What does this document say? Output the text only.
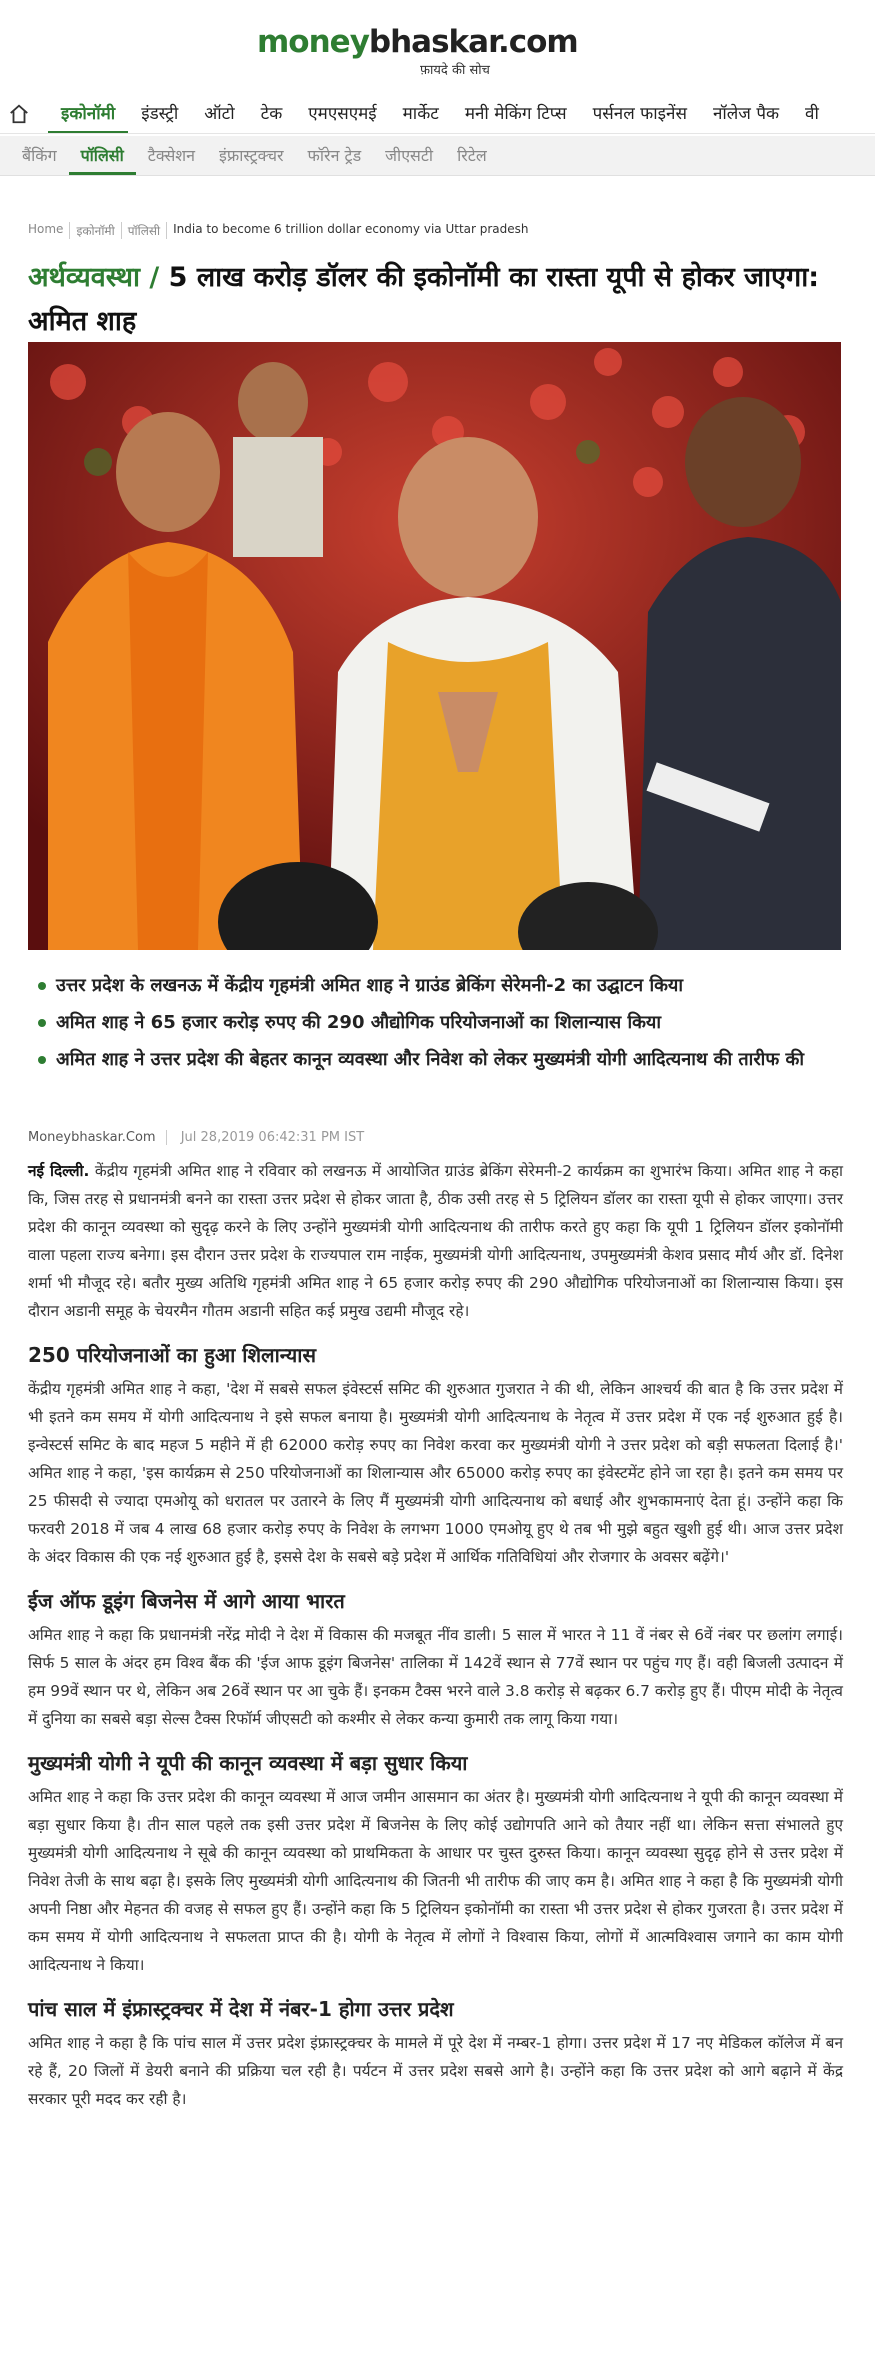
moneybhaskar.com
फ़ायदे की सोच
इकोनॉमी	इंडस्ट्री	ऑटो	टेक	एमएसएमई	मार्केट	मनी मेकिंग टिप्स	पर्सनल फाइनेंस	नॉलेज पैक	वी
बैंकिंग	पॉलिसी	टैक्सेशन	इंफ्रास्ट्रक्चर	फॉरेन ट्रेड	जीएसटी	रिटेल
Home	इकोनॉमी	पॉलिसी	India to become 6 trillion dollar economy via Uttar pradesh
अर्थव्यवस्था / 5 लाख करोड़ डॉलर की इकोनॉमी का रास्ता यूपी से होकर जाएगा: अमित शाह
उत्तर प्रदेश के लखनऊ में केंद्रीय गृहमंत्री अमित शाह ने ग्राउंड ब्रेकिंग सेरेमनी-2 का उद्घाटन किया
अमित शाह ने 65 हजार करोड़ रुपए की 290 औद्योगिक परियोजनाओं का शिलान्यास किया
अमित शाह ने उत्तर प्रदेश की बेहतर कानून व्यवस्था और निवेश को लेकर मुख्यमंत्री योगी आदित्यनाथ की तारीफ की
Moneybhaskar.Com Jul 28,2019 06:42:31 PM IST

नई दिल्ली. केंद्रीय गृहमंत्री अमित शाह ने रविवार को लखनऊ में आयोजित ग्राउंड ब्रेकिंग सेरेमनी-2 कार्यक्रम का शुभारंभ किया। अमित शाह ने कहा कि, जिस तरह से प्रधानमंत्री बनने का रास्ता उत्तर प्रदेश से होकर जाता है, ठीक उसी तरह से 5 ट्रिलियन डॉलर का रास्ता यूपी से होकर जाएगा। उत्तर प्रदेश की कानून व्यवस्था को सुदृढ़ करने के लिए उन्होंने मुख्यमंत्री योगी आदित्यनाथ की तारीफ करते हुए कहा कि यूपी 1 ट्रिलियन डॉलर इकोनॉमी वाला पहला राज्य बनेगा। इस दौरान उत्तर प्रदेश के राज्यपाल राम नाईक, मुख्यमंत्री योगी आदित्यनाथ, उपमुख्यमंत्री केशव प्रसाद मौर्य और डॉ. दिनेश शर्मा भी मौजूद रहे। बतौर मुख्य अतिथि गृहमंत्री अमित शाह ने 65 हजार करोड़ रुपए की 290 औद्योगिक परियोजनाओं का शिलान्यास किया। इस दौरान अडानी समूह के चेयरमैन गौतम अडानी सहित कई प्रमुख उद्यमी मौजूद रहे।

250 परियोजनाओं का हुआ शिलान्यास

केंद्रीय गृहमंत्री अमित शाह ने कहा, 'देश में सबसे सफल इंवेस्टर्स समिट की शुरुआत गुजरात ने की थी, लेकिन आश्चर्य की बात है कि उत्तर प्रदेश में भी इतने कम समय में योगी आदित्यनाथ ने इसे सफल बनाया है। मुख्यमंत्री योगी आदित्यनाथ के नेतृत्व में उत्तर प्रदेश में एक नई शुरुआत हुई है। इन्वेस्टर्स समिट के बाद महज 5 महीने में ही 62000 करोड़ रुपए का निवेश करवा कर मुख्यमंत्री योगी ने उत्तर प्रदेश को बड़ी सफलता दिलाई है।' अमित शाह ने कहा, 'इस कार्यक्रम से 250 परियोजनाओं का शिलान्यास और 65000 करोड़ रुपए का इंवेस्टमेंट होने जा रहा है। इतने कम समय पर 25 फीसदी से ज्यादा एमओयू को धरातल पर उतारने के लिए मैं मुख्यमंत्री योगी आदित्यनाथ को बधाई और शुभकामनाएं देता हूं। उन्होंने कहा कि फरवरी 2018 में जब 4 लाख 68 हजार करोड़ रुपए के निवेश के लगभग 1000 एमओयू हुए थे तब भी मुझे बहुत खुशी हुई थी। आज उत्तर प्रदेश के अंदर विकास की एक नई शुरुआत हुई है, इससे देश के सबसे बड़े प्रदेश में आर्थिक गतिविधियां और रोजगार के अवसर बढ़ेंगे।'

ईज ऑफ डूइंग बिजनेस में आगे आया भारत

अमित शाह ने कहा कि प्रधानमंत्री नरेंद्र मोदी ने देश में विकास की मजबूत नींव डाली। 5 साल में भारत ने 11 वें नंबर से 6वें नंबर पर छलांग लगाई। सिर्फ 5 साल के अंदर हम विश्व बैंक की 'ईज आफ डूइंग बिजनेस' तालिका में 142वें स्थान से 77वें स्थान पर पहुंच गए हैं। वही बिजली उत्पादन में हम 99वें स्थान पर थे, लेकिन अब 26वें स्थान पर आ चुके हैं। इनकम टैक्स भरने वाले 3.8 करोड़ से बढ़कर 6.7 करोड़ हुए हैं। पीएम मोदी के नेतृत्व में दुनिया का सबसे बड़ा सेल्स टैक्स रिफॉर्म जीएसटी को कश्मीर से लेकर कन्या कुमारी तक लागू किया गया।

मुख्यमंत्री योगी ने यूपी की कानून व्यवस्था में बड़ा सुधार किया

अमित शाह ने कहा कि उत्तर प्रदेश की कानून व्यवस्था में आज जमीन आसमान का अंतर है। मुख्यमंत्री योगी आदित्यनाथ ने यूपी की कानून व्यवस्था में बड़ा सुधार किया है। तीन साल पहले तक इसी उत्तर प्रदेश में बिजनेस के लिए कोई उद्योगपति आने को तैयार नहीं था। लेकिन सत्ता संभालते हुए मुख्यमंत्री योगी आदित्यनाथ ने सूबे की कानून व्यवस्था को प्राथमिकता के आधार पर चुस्त दुरुस्त किया। कानून व्यवस्था सुदृढ़ होने से उत्तर प्रदेश में निवेश तेजी के साथ बढ़ा है। इसके लिए मुख्यमंत्री योगी आदित्यनाथ की जितनी भी तारीफ की जाए कम है। अमित शाह ने कहा है कि मुख्यमंत्री योगी अपनी निष्ठा और मेहनत की वजह से सफल हुए हैं। उन्होंने कहा कि 5 ट्रिलियन इकोनॉमी का रास्ता भी उत्तर प्रदेश से होकर गुजरता है। उत्तर प्रदेश में कम समय में योगी आदित्यनाथ ने सफलता प्राप्त की है। योगी के नेतृत्व में लोगों ने विश्वास किया, लोगों में आत्मविश्वास जगाने का काम योगी आदित्यनाथ ने किया।

पांच साल में इंफ्रास्ट्रक्चर में देश में नंबर-1 होगा उत्तर प्रदेश

अमित शाह ने कहा है कि पांच साल में उत्तर प्रदेश इंफ्रास्ट्रक्चर के मामले में पूरे देश में नम्बर-1 होगा। उत्तर प्रदेश में 17 नए मेडिकल कॉलेज में बन रहे हैं, 20 जिलों में डेयरी बनाने की प्रक्रिया चल रही है। पर्यटन में उत्तर प्रदेश सबसे आगे है। उन्होंने कहा कि उत्तर प्रदेश को आगे बढ़ाने में केंद्र सरकार पूरी मदद कर रही है।
